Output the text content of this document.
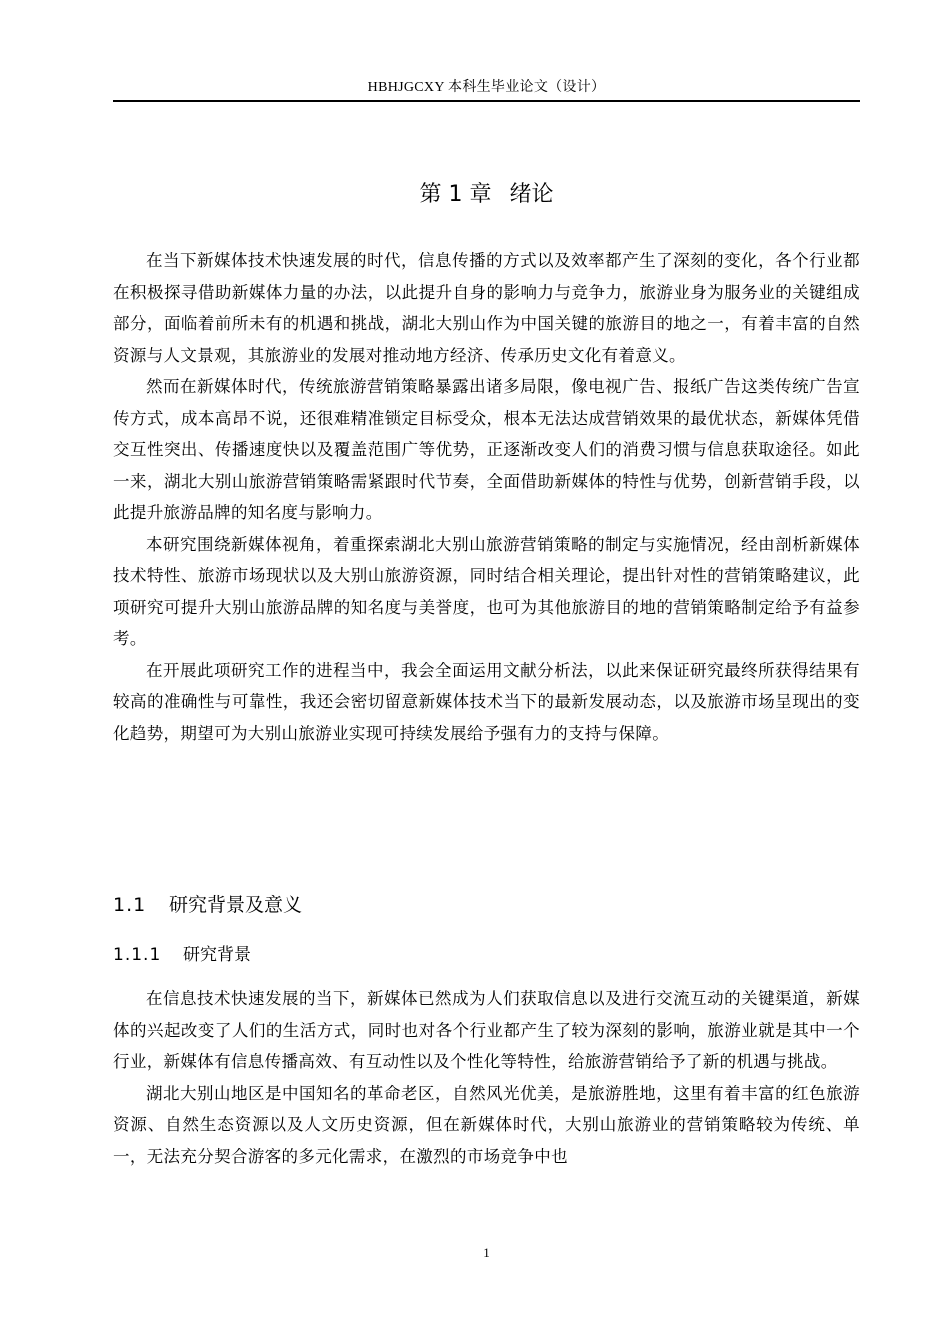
HBHJGCXY 本科生毕业论文（设计）
第 1 章 绪论

在当下新媒体技术快速发展的时代，信息传播的方式以及效率都产生了深刻的变化，各个行业都在积极探寻借助新媒体力量的办法，以此提升自身的影响力与竞争力，旅游业身为服务业的关键组成部分，面临着前所未有的机遇和挑战，湖北大别山作为中国关键的旅游目的地之一，有着丰富的自然资源与人文景观，其旅游业的发展对推动地方经济、传承历史文化有着意义。

然而在新媒体时代，传统旅游营销策略暴露出诸多局限，像电视广告、报纸广告这类传统广告宣传方式，成本高昂不说，还很难精准锁定目标受众，根本无法达成营销效果的最优状态，新媒体凭借交互性突出、传播速度快以及覆盖范围广等优势，正逐渐改变人们的消费习惯与信息获取途径。如此一来，湖北大别山旅游营销策略需紧跟时代节奏，全面借助新媒体的特性与优势，创新营销手段，以此提升旅游品牌的知名度与影响力。

本研究围绕新媒体视角，着重探索湖北大别山旅游营销策略的制定与实施情况，经由剖析新媒体技术特性、旅游市场现状以及大别山旅游资源，同时结合相关理论，提出针对性的营销策略建议，此项研究可提升大别山旅游品牌的知名度与美誉度，也可为其他旅游目的地的营销策略制定给予有益参考。

在开展此项研究工作的进程当中，我会全面运用文献分析法，以此来保证研究最终所获得结果有较高的准确性与可靠性，我还会密切留意新媒体技术当下的最新发展动态，以及旅游市场呈现出的变化趋势，期望可为大别山旅游业实现可持续发展给予强有力的支持与保障。

1.1 研究背景及意义
1.1.1 研究背景

在信息技术快速发展的当下，新媒体已然成为人们获取信息以及进行交流互动的关键渠道，新媒体的兴起改变了人们的生活方式，同时也对各个行业都产生了较为深刻的影响，旅游业就是其中一个行业，新媒体有信息传播高效、有互动性以及个性化等特性，给旅游营销给予了新的机遇与挑战。

湖北大别山地区是中国知名的革命老区，自然风光优美，是旅游胜地，这里有着丰富的红色旅游资源、自然生态资源以及人文历史资源，但在新媒体时代，大别山旅游业的营销策略较为传统、单一，无法充分契合游客的多元化需求，在激烈的市场竞争中也

1
